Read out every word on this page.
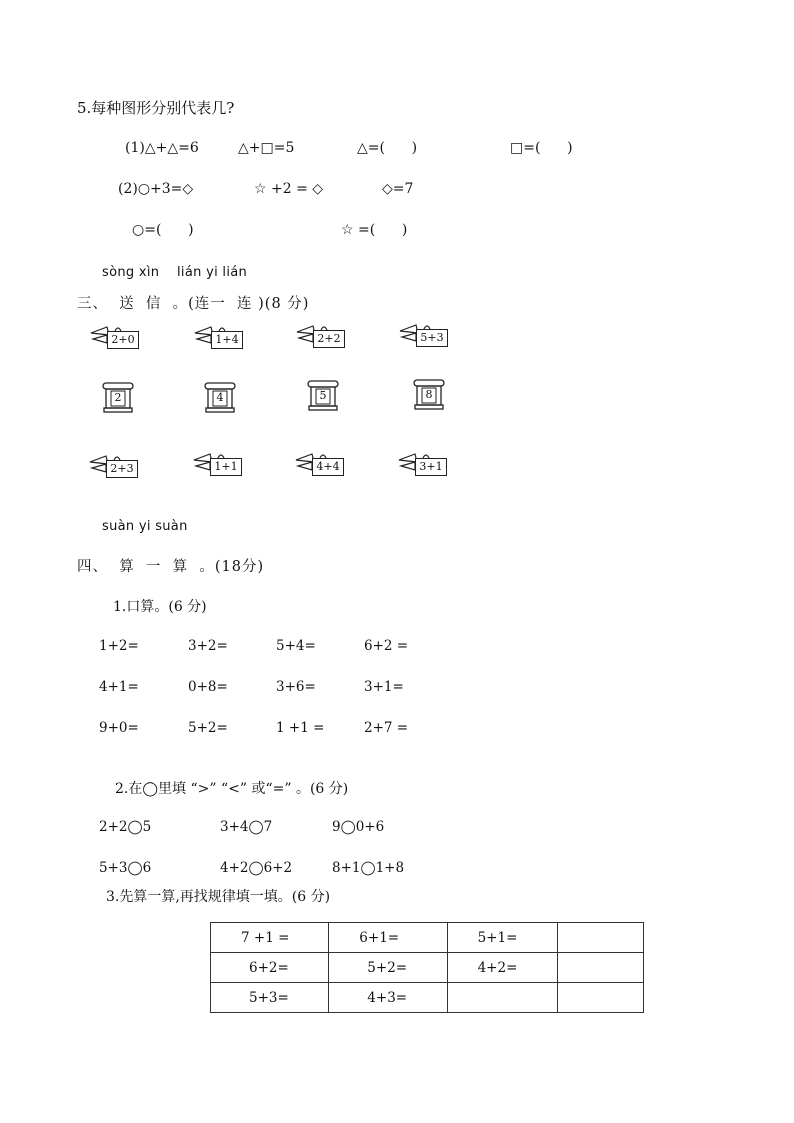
5.每种图形分别代表几?
(1)△+△=6	△+□=5	△=(      )	□=(      )
(2)○+3=◇	☆ +2 = ◇	◇=7
○=(      )	☆ =(      )
sòng xìn    lián yi lián
三、  送  信  。(连一  连 )(8 分)
2+0	1+4	2+2	5+3
2	4	5	8
2+3	1+1	4+4	3+1
suàn yi suàn
四、  算  一  算  。(18分)
1.口算。(6 分)
1+2=	3+2=	5+4=	6+2 =
4+1=	0+8=	3+6=	3+1=
9+0=	5+2=	1 +1 =	2+7 =
2.在◯里填 “>” “<” 或“=” 。(6 分)
2+2◯5	3+4◯7	9◯0+6
5+3◯6	4+2◯6+2	8+1◯1+8
3.先算一算,再找规律填一填。(6 分)
7 +1 =	6+1=	5+1=	
6+2=	5+2=	4+2=	
5+3=	4+3=		
